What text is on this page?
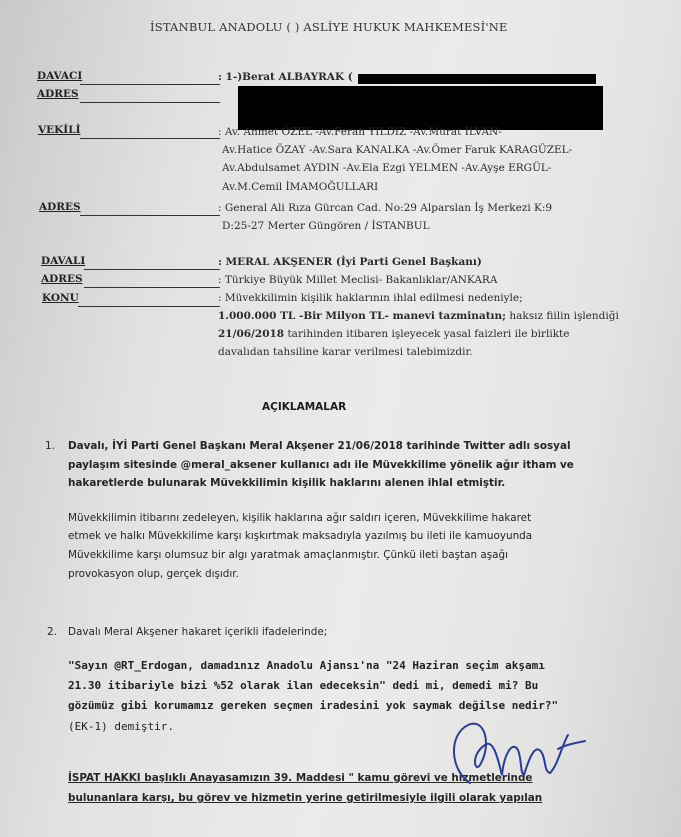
İSTANBUL ANADOLU ( ) ASLİYE HUKUK MAHKEMESİ'NE
DAVACI	: 1-)Berat ALBAYRAK (
ADRES
VEKİLİ	: Av. Ahmet ÖZEL -Av.Ferah YILDIZ -Av.Murat İLVAN-
Av.Hatice ÖZAY -Av.Sara KANALKA -Av.Ömer Faruk KARAGÜZEL-
Av.Abdulsamet AYDIN -Av.Ela Ezgi YELMEN -Av.Ayşe ERGÜL-
Av.M.Cemil İMAMOĞULLARI
ADRES	: General Ali Rıza Gürcan Cad. No:29 Alparslan İş Merkezi K:9
D:25-27 Merter Güngören / İSTANBUL
DAVALI	: MERAL AKŞENER (İyi Parti Genel Başkanı)
ADRES	: Türkiye Büyük Millet Meclisi- Bakanlıklar/ANKARA
KONU	: Müvekkilimin kişilik haklarının ihlal edilmesi nedeniyle;
1.000.000 TL -Bir Milyon TL- manevi tazminatın; haksız fiilin işlendiği
21/06/2018 tarihinden itibaren işleyecek yasal faizleri ile birlikte
davalıdan tahsiline karar verilmesi talebimizdir.
AÇIKLAMALAR
1. Davalı, İYİ Parti Genel Başkanı Meral Akşener 21/06/2018 tarihinde Twitter adlı sosyal
paylaşım sitesinde @meral_aksener kullanıcı adı ile Müvekkilime yönelik ağır itham ve
hakaretlerde bulunarak Müvekkilimin kişilik haklarını alenen ihlal etmiştir.
Müvekkilimin itibarını zedeleyen, kişilik haklarına ağır saldırı içeren, Müvekkilime hakaret
etmek ve halkı Müvekkilime karşı kışkırtmak maksadıyla yazılmış bu ileti ile kamuoyunda
Müvekkilime karşı olumsuz bir algı yaratmak amaçlanmıştır. Çünkü ileti baştan aşağı
provokasyon olup, gerçek dışıdır.
2. Davalı Meral Akşener hakaret içerikli ifadelerinde;
"Sayın @RT_Erdogan, damadınız Anadolu Ajansı'na "24 Haziran seçim akşamı
21.30 itibariyle bizi %52 olarak ilan edeceksin" dedi mi, demedi mi? Bu
gözümüz gibi korumamız gereken seçmen iradesini yok saymak değilse nedir?"
(EK-1) demiştir.
İSPAT HAKKI başlıklı Anayasamızın 39. Maddesi " kamu görevi ve hizmetlerinde
bulunanlara karşı, bu görev ve hizmetin yerine getirilmesiyle ilgili olarak yapılan
